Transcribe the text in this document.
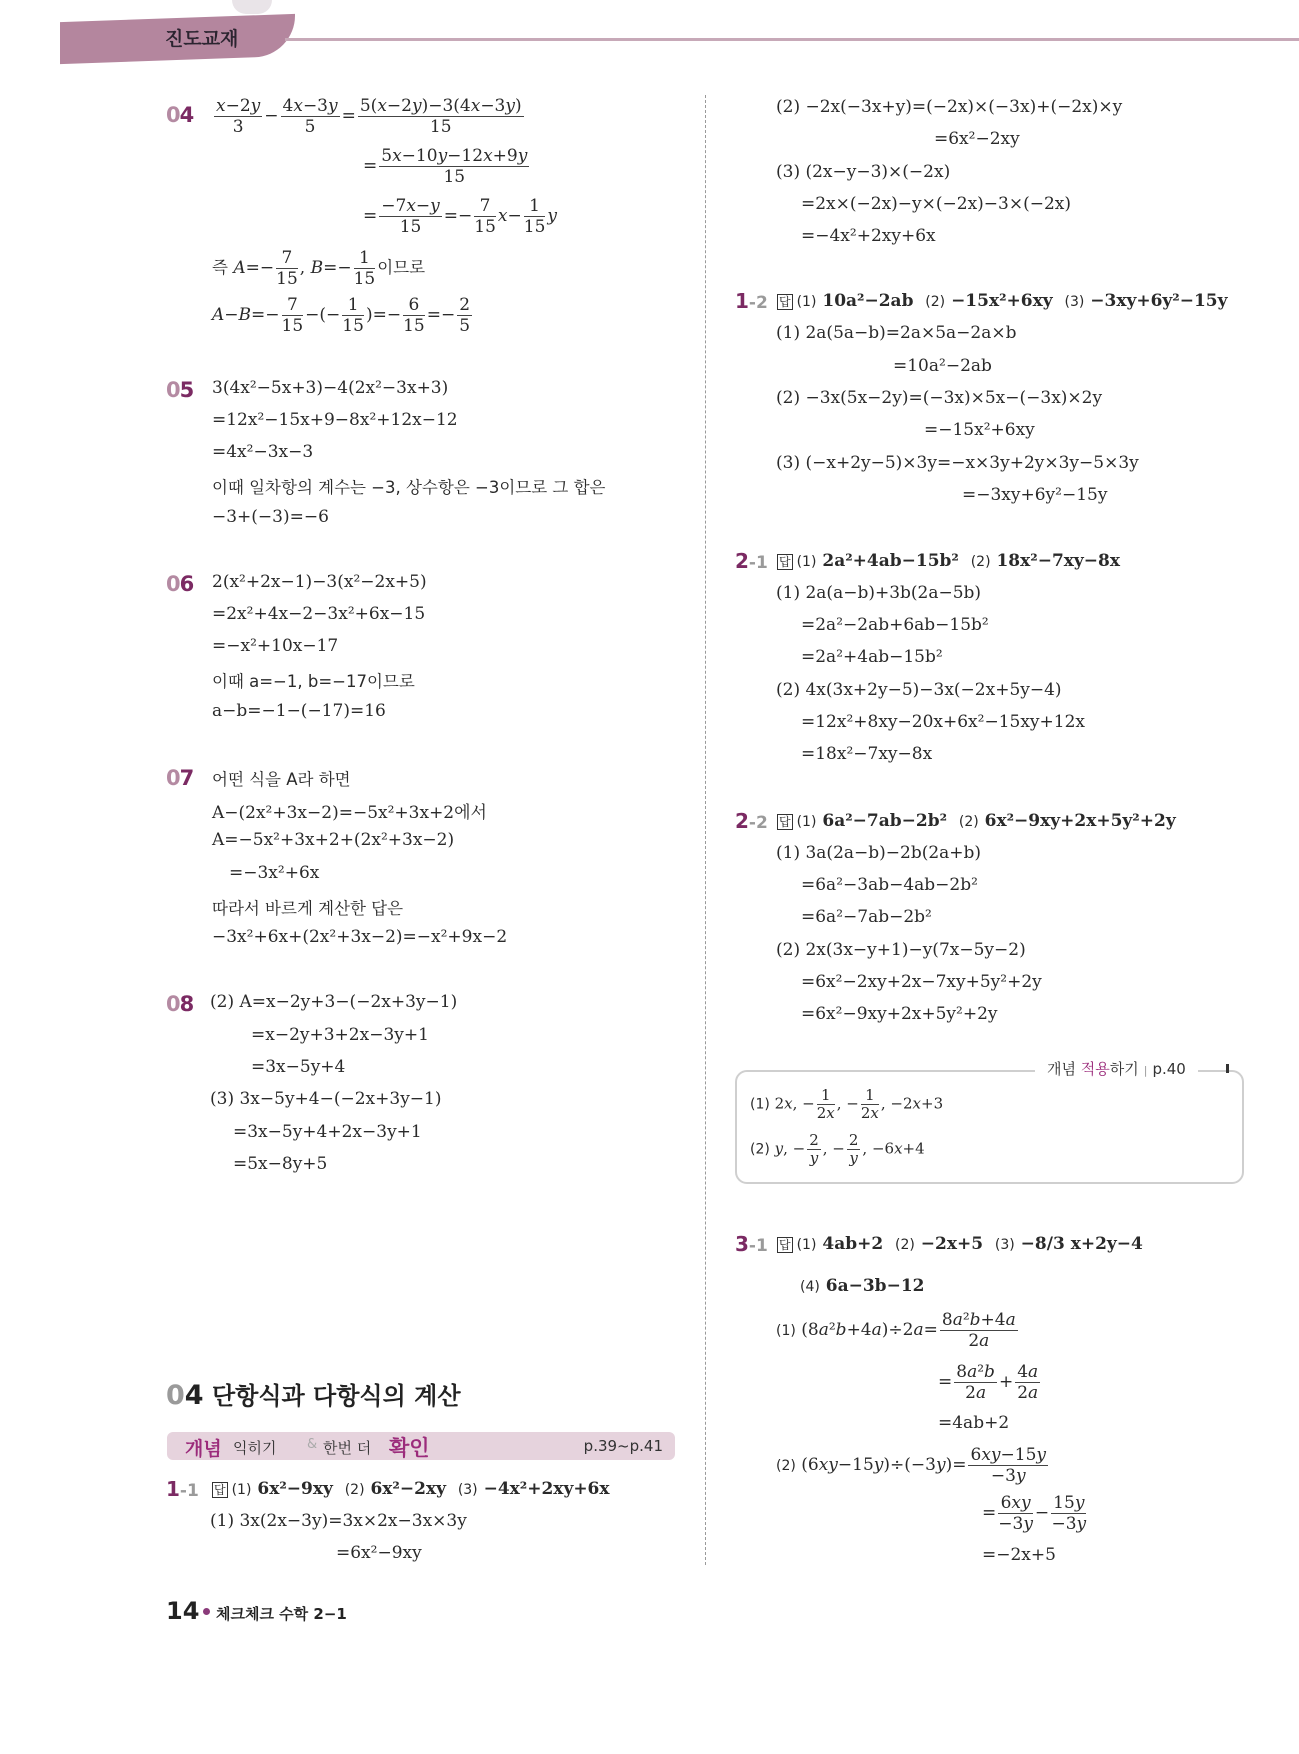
진도교재
$04 \frac{x-2y}{3} - \frac{4x-3y}{5} = \frac{5(x-2y)-3(4x-3y)}{15}$
= $\frac{5x-10y-12x+9y}{15}$
= $\frac{-7x-y}{15} =- \frac{7}{15} x- \frac{1}{15}$ y
즉 $A=- \frac{7}{15}$ , $B=- \frac{1}{15}$ 이므로
$A-B=- \frac{7}{15}$ −(− $\frac{1}{15}$ )=− $\frac{6}{15} =- \frac{2}{5}$
05 3(4x²−5x+3)−4(2x²−3x+3)
=12x²−15x+9−8x²+12x−12
=4x²−3x−3
이때 일차항의 계수는 −3, 상수항은 −3이므로 그 합은
−3+(−3)=−6
06 2(x²+2x−1)−3(x²−2x+5)
=2x²+4x−2−3x²+6x−15
=−x²+10x−17
이때 a=−1, b=−17이므로
a−b=−1−(−17)=16
07 어떤 식을 A라 하면
A−(2x²+3x−2)=−5x²+3x+2에서
A=−5x²+3x+2+(2x²+3x−2)
=−3x²+6x
따라서 바르게 계산한 답은
−3x²+6x+(2x²+3x−2)=−x²+9x−2
08 (2) A=x−2y+3−(−2x+3y−1)
=x−2y+3+2x−3y+1
=3x−5y+4
(3) 3x−5y+4−(−2x+3y−1)
=3x−5y+4+2x−3y+1
=5x−8y+5
04 단항식과 다항식의 계산
개념 익히기 & 한번 더 확인	p.39~p.41
1-1 답 (1) 6x²−9xy (2) 6x²−2xy (3) −4x²+2xy+6x
(1) 3x(2x−3y)=3x×2x−3x×3y
=6x²−9xy
(2) −2x(−3x+y)=(−2x)×(−3x)+(−2x)×y
=6x²−2xy
(3) (2x−y−3)×(−2x)
=2x×(−2x)−y×(−2x)−3×(−2x)
=−4x²+2xy+6x
1-2 답 (1) 10a²−2ab (2) −15x²+6xy (3) −3xy+6y²−15y
(1) 2a(5a−b)=2a×5a−2a×b
=10a²−2ab
(2) −3x(5x−2y)=(−3x)×5x−(−3x)×2y
=−15x²+6xy
(3) (−x+2y−5)×3y=−x×3y+2y×3y−5×3y
=−3xy+6y²−15y
2-1 답 (1) 2a²+4ab−15b² (2) 18x²−7xy−8x
(1) 2a(a−b)+3b(2a−5b)
=2a²−2ab+6ab−15b²
=2a²+4ab−15b²
(2) 4x(3x+2y−5)−3x(−2x+5y−4)
=12x²+8xy−20x+6x²−15xy+12x
=18x²−7xy−8x
2-2 답 (1) 6a²−7ab−2b² (2) 6x²−9xy+2x+5y²+2y
(1) 3a(2a−b)−2b(2a+b)
=6a²−3ab−4ab−2b²
=6a²−7ab−2b²
(2) 2x(3x−y+1)−y(7x−5y−2)
=6x²−2xy+2x−7xy+5y²+2y
=6x²−9xy+2x+5y²+2y
개념 적용하기 | p.40
(1) 2x, − $\frac{1}{2x}$ , − $\frac{1}{2x}$ , −2x+3
(2) y, − $\frac{2}{y}$ , − $\frac{2}{y}$ , −6x+4
3-1 답 (1) 4ab+2 (2) −2x+5 (3) −8/3 x+2y−4
(4) 6a−3b−12
(1) $(8a^2b+4a)\div 2a= \frac{\text{8a²b+4a}}{2a}$
= $\frac{\text{8a²b}}{2a} + \frac{4a}{2a}$
=4ab+2
(2) $(6xy-15y)\div(-3y)= \frac{6xy-15y}{-3y}$
= $\frac{6xy}{-3y} - \frac{15y}{-3y}$
=−2x+5
14 체크체크 수학 2−1
